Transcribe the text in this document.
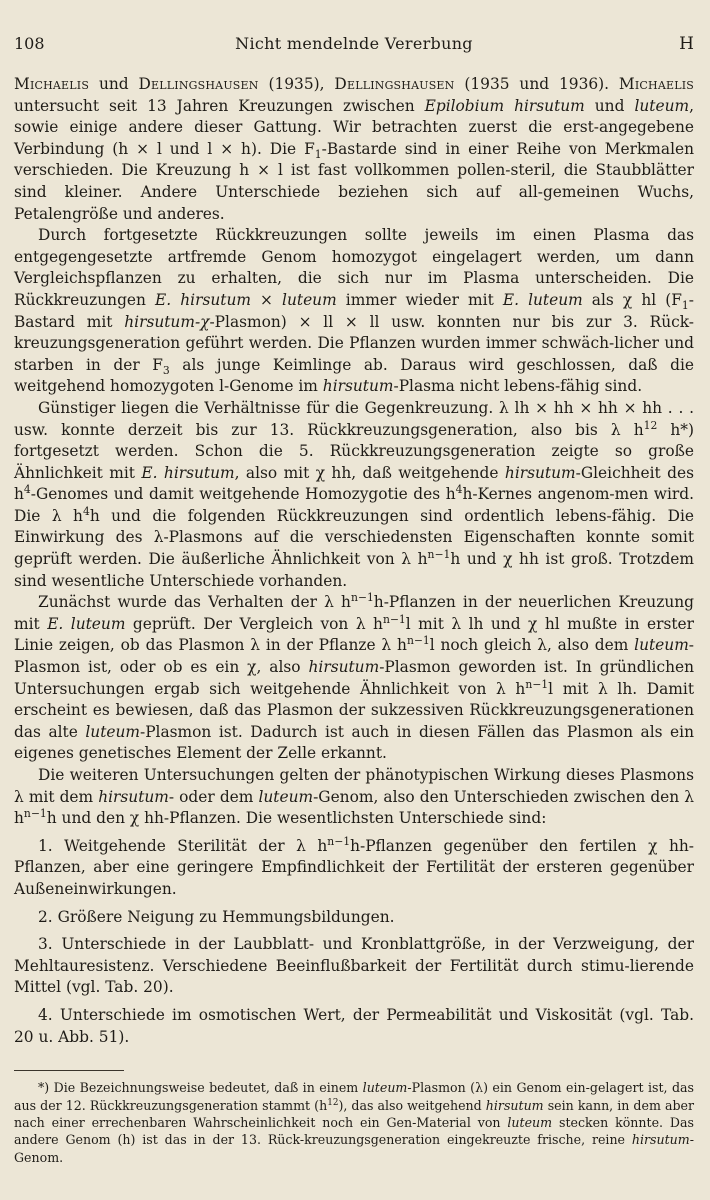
108	Nicht mendelnde Vererbung	H

Michaelis und Dellingshausen (1935), Dellingshausen (1935 und 1936). Michaelis untersucht seit 13 Jahren Kreuzungen zwischen Epilobium hirsutum und luteum, sowie einige andere dieser Gattung. Wir betrachten zuerst die erst-angegebene Verbindung (h × l und l × h). Die $F_1$-Bastarde sind in einer Reihe von Merkmalen verschieden. Die Kreuzung h × l ist fast vollkommen pollen-steril, die Staubblätter sind kleiner. Andere Unterschiede beziehen sich auf all-gemeinen Wuchs, Petalengröße und anderes.

Durch fortgesetzte Rückkreuzungen sollte jeweils im einen Plasma das entgegengesetzte artfremde Genom homozygot eingelagert werden, um dann Vergleichspflanzen zu erhalten, die sich nur im Plasma unterscheiden. Die Rückkreuzungen E. hirsutum × luteum immer wieder mit E. luteum als χ hl ($F_1$-Bastard mit hirsutum-χ-Plasmon) × ll × ll usw. konnten nur bis zur 3. Rück-kreuzungsgeneration geführt werden. Die Pflanzen wurden immer schwäch-licher und starben in der $F_3$ als junge Keimlinge ab. Daraus wird geschlossen, daß die weitgehend homozygoten l-Genome im hirsutum-Plasma nicht lebens-fähig sind.

Günstiger liegen die Verhältnisse für die Gegenkreuzung. λ lh × hh × hh × hh . . . usw. konnte derzeit bis zur 13. Rückkreuzungsgeneration, also bis λ $h^{12}$ h*) fortgesetzt werden. Schon die 5. Rückkreuzungsgeneration zeigte so große Ähnlichkeit mit E. hirsutum, also mit χ hh, daß weitgehende hirsutum-Gleichheit des $h^4$-Genomes und damit weitgehende Homozygotie des $h^4h$-Kernes angenom-men wird. Die λ $h^4h$ und die folgenden Rückkreuzungen sind ordentlich lebens-fähig. Die Einwirkung des λ-Plasmons auf die verschiedensten Eigenschaften konnte somit geprüft werden. Die äußerliche Ähnlichkeit von λ $h^{n-1}h$ und χ hh ist groß. Trotzdem sind wesentliche Unterschiede vorhanden.

Zunächst wurde das Verhalten der λ $h^{n-1}h$-Pflanzen in der neuerlichen Kreuzung mit E. luteum geprüft. Der Vergleich von λ $h^{n-1}l$ mit λ lh und χ hl mußte in erster Linie zeigen, ob das Plasmon λ in der Pflanze λ $h^{n-1}l$ noch gleich λ, also dem luteum-Plasmon ist, oder ob es ein χ, also hirsutum-Plasmon geworden ist. In gründlichen Untersuchungen ergab sich weitgehende Ähnlichkeit von λ $h^{n-1}l$ mit λ lh. Damit erscheint es bewiesen, daß das Plasmon der sukzessiven Rückkreuzungsgenerationen das alte luteum-Plasmon ist. Dadurch ist auch in diesen Fällen das Plasmon als ein eigenes genetisches Element der Zelle erkannt.

Die weiteren Untersuchungen gelten der phänotypischen Wirkung dieses Plasmons λ mit dem hirsutum- oder dem luteum-Genom, also den Unterschieden zwischen den λ $h^{n-1}h$ und den χ hh-Pflanzen. Die wesentlichsten Unterschiede sind:

1. Weitgehende Sterilität der λ $h^{n-1}h$-Pflanzen gegenüber den fertilen χ hh-Pflanzen, aber eine geringere Empfindlichkeit der Fertilität der ersteren gegenüber Außeneinwirkungen.

2. Größere Neigung zu Hemmungsbildungen.

3. Unterschiede in der Laubblatt- und Kronblattgröße, in der Verzweigung, der Mehltauresistenz. Verschiedene Beeinflußbarkeit der Fertilität durch stimu-lierende Mittel (vgl. Tab. 20).

4. Unterschiede im osmotischen Wert, der Permeabilität und Viskosität (vgl. Tab. 20 u. Abb. 51).

*) Die Bezeichnungsweise bedeutet, daß in einem luteum-Plasmon (λ) ein Genom ein-gelagert ist, das aus der 12. Rückkreuzungsgeneration stammt $(h^{12})$, das also weitgehend hirsutum sein kann, in dem aber nach einer errechenbaren Wahrscheinlichkeit noch ein Gen-Material von luteum stecken könnte. Das andere Genom (h) ist das in der 13. Rück-kreuzungsgeneration eingekreuzte frische, reine hirsutum-Genom.
